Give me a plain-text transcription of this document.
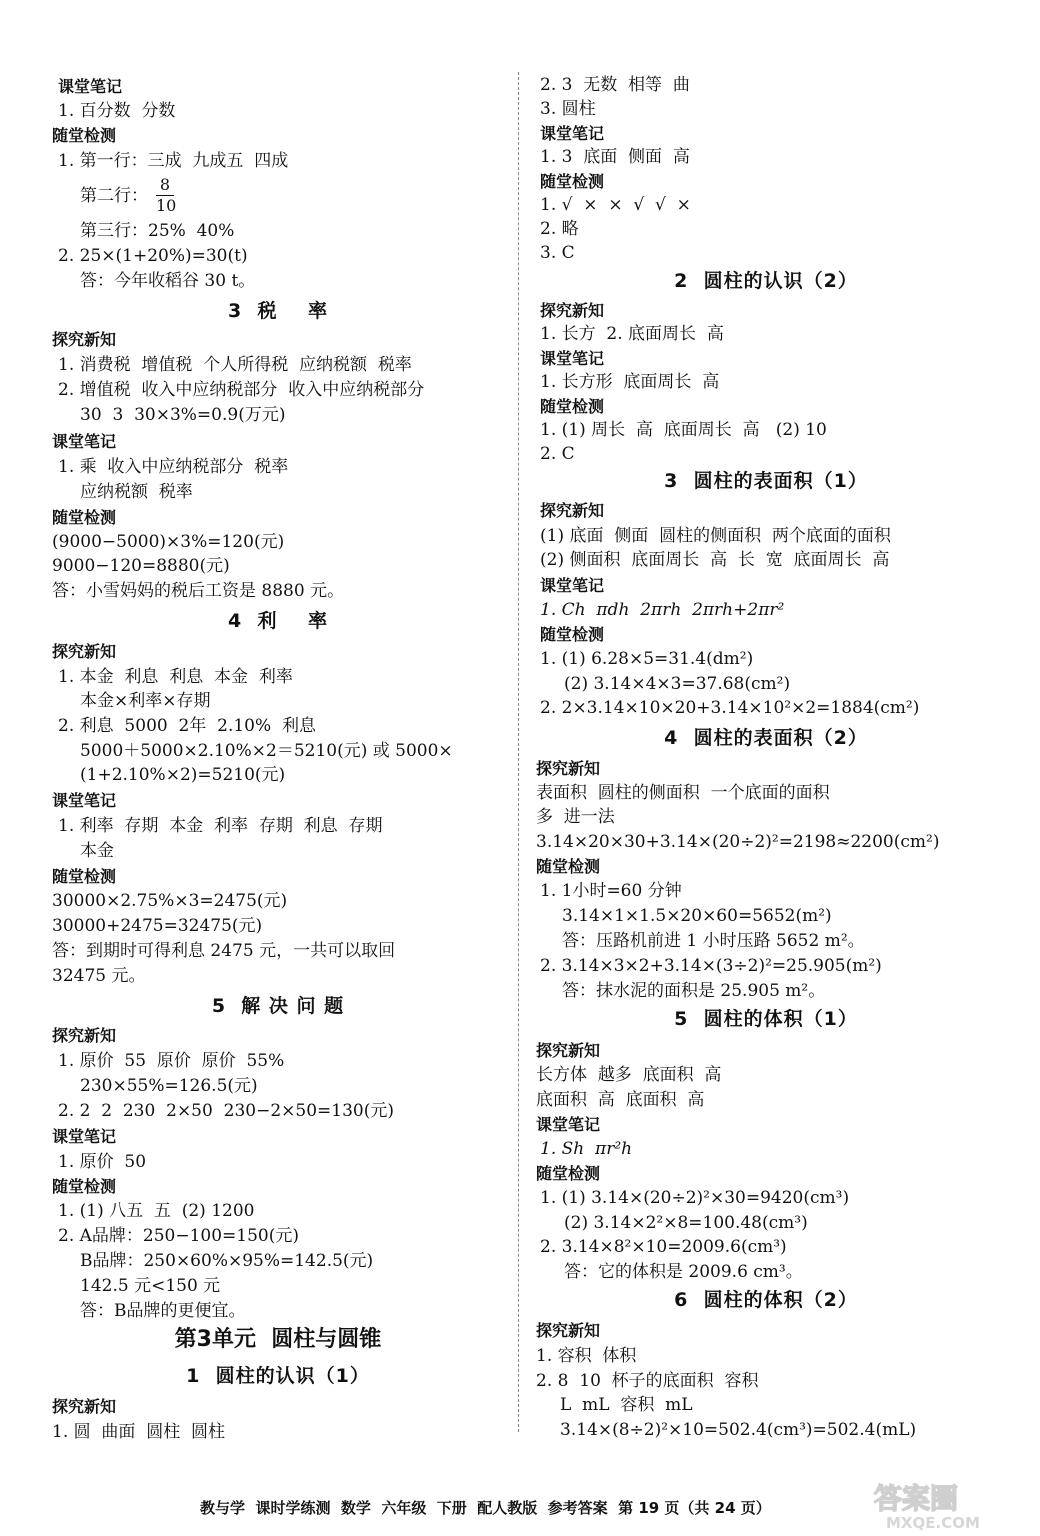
课堂笔记
1. 百分数  分数
随堂检测
1. 第一行：三成  九成五  四成
第二行：
8
10
第三行：25%  40%
2. 25×(1+20%)=30(t)
答：今年收稻谷 30 t。
3  税    率
探究新知
1. 消费税  增值税  个人所得税  应纳税额  税率
2. 增值税  收入中应纳税部分  收入中应纳税部分
30  3  30×3%=0.9(万元)
课堂笔记
1. 乘  收入中应纳税部分  税率
应纳税额  税率
随堂检测
(9000−5000)×3%=120(元)
9000−120=8880(元)
答：小雪妈妈的税后工资是 8880 元。
4  利    率
探究新知
1. 本金  利息  利息  本金  利率
本金×利率×存期
2. 利息  5000  2年  2.10%  利息
5000＋5000×2.10%×2＝5210(元) 或 5000×
(1+2.10%×2)=5210(元)
课堂笔记
1. 利率  存期  本金  利率  存期  利息  存期
本金
随堂检测
30000×2.75%×3=2475(元)
30000+2475=32475(元)
答：到期时可得利息 2475 元，一共可以取回
32475 元。
5  解 决 问 题
探究新知
1. 原价  55  原价  原价  55%
230×55%=126.5(元)
2. 2  2  230  2×50  230−2×50=130(元)
课堂笔记
1. 原价  50
随堂检测
1. (1) 八五  五  (2) 1200
2. A品牌：250−100=150(元)
B品牌：250×60%×95%=142.5(元)
142.5 元<150 元
答：B品牌的更便宜。
第3单元  圆柱与圆锥
1  圆柱的认识（1）
探究新知
1. 圆  曲面  圆柱  圆柱
2. 3  无数  相等  曲
3. 圆柱
课堂笔记
1. 3  底面  侧面  高
随堂检测
1. √  ×  ×  √  √  ×
2. 略
3. C
2  圆柱的认识（2）
探究新知
1. 长方  2. 底面周长  高
课堂笔记
1. 长方形  底面周长  高
随堂检测
1. (1) 周长  高  底面周长  高   (2) 10
2. C
3  圆柱的表面积（1）
探究新知
(1) 底面  侧面  圆柱的侧面积  两个底面的面积
(2) 侧面积  底面周长  高  长  宽  底面周长  高
课堂笔记
1. Ch  πdh  2πrh  2πrh+2πr²
随堂检测
1. (1) 6.28×5=31.4(dm²)
(2) 3.14×4×3=37.68(cm²)
2. 2×3.14×10×20+3.14×10²×2=1884(cm²)
4  圆柱的表面积（2）
探究新知
表面积  圆柱的侧面积  一个底面的面积
多  进一法
3.14×20×30+3.14×(20÷2)²=2198≈2200(cm²)
随堂检测
1. 1小时=60 分钟
3.14×1×1.5×20×60=5652(m²)
答：压路机前进 1 小时压路 5652 m²。
2. 3.14×3×2+3.14×(3÷2)²=25.905(m²)
答：抹水泥的面积是 25.905 m²。
5  圆柱的体积（1）
探究新知
长方体  越多  底面积  高
底面积  高  底面积  高
课堂笔记
1. Sh  πr²h
随堂检测
1. (1) 3.14×(20÷2)²×30=9420(cm³)
(2) 3.14×2²×8=100.48(cm³)
2. 3.14×8²×10=2009.6(cm³)
答：它的体积是 2009.6 cm³。
6  圆柱的体积（2）
探究新知
1. 容积  体积
2. 8  10  杯子的底面积  容积
L  mL  容积  mL
3.14×(8÷2)²×10=502.4(cm³)=502.4(mL)
教与学  课时学练测  数学  六年级  下册  配人教版  参考答案  第 19 页（共 24 页）	答案圈
MXQE.COM
